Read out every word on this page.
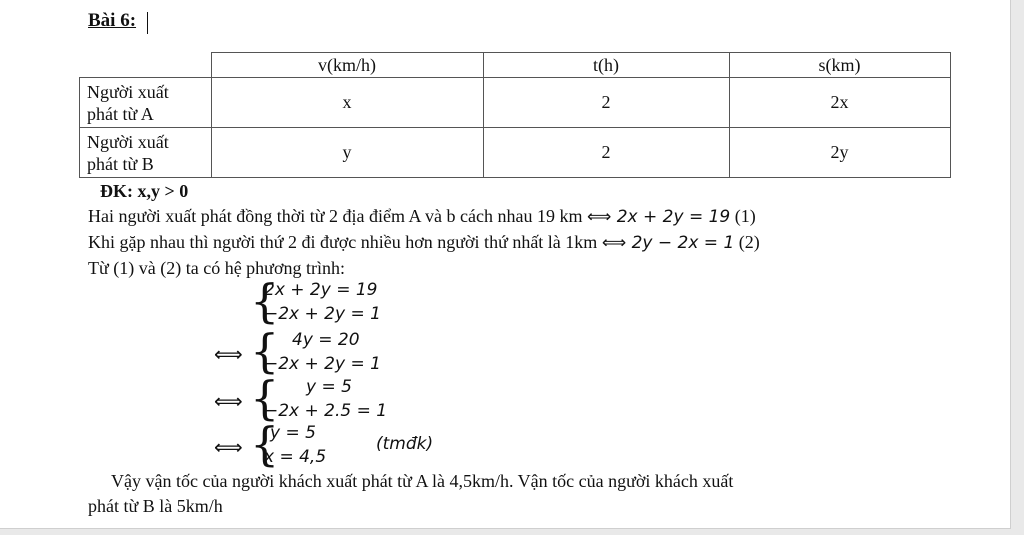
Bài 6:
	v(km/h)	t(h)	s(km)

Người xuất
phát từ A	x	2	2x

Người xuất
phát từ B	y	2	2y
ĐK: x,y > 0
Hai người xuất phát đồng thời từ 2 địa điểm A và b cách nhau 19 km ⟺ 2x + 2y = 19 (1)
Khi gặp nhau thì người thứ 2 đi được nhiều hơn người thứ nhất là 1km ⟺ 2y − 2x = 1 (2)
Từ (1) và (2) ta có hệ phương trình:
{
2x + 2y = 19
−2x + 2y = 1
⟺ { 4y = 20
−2x + 2y = 1
⟺ { y = 5
−2x + 2.5 = 1
⟺ {
y = 5
x = 4,5
(tmđk)
Vậy vận tốc của người khách xuất phát từ A là 4,5km/h. Vận tốc của người khách xuất
phát từ B là 5km/h
